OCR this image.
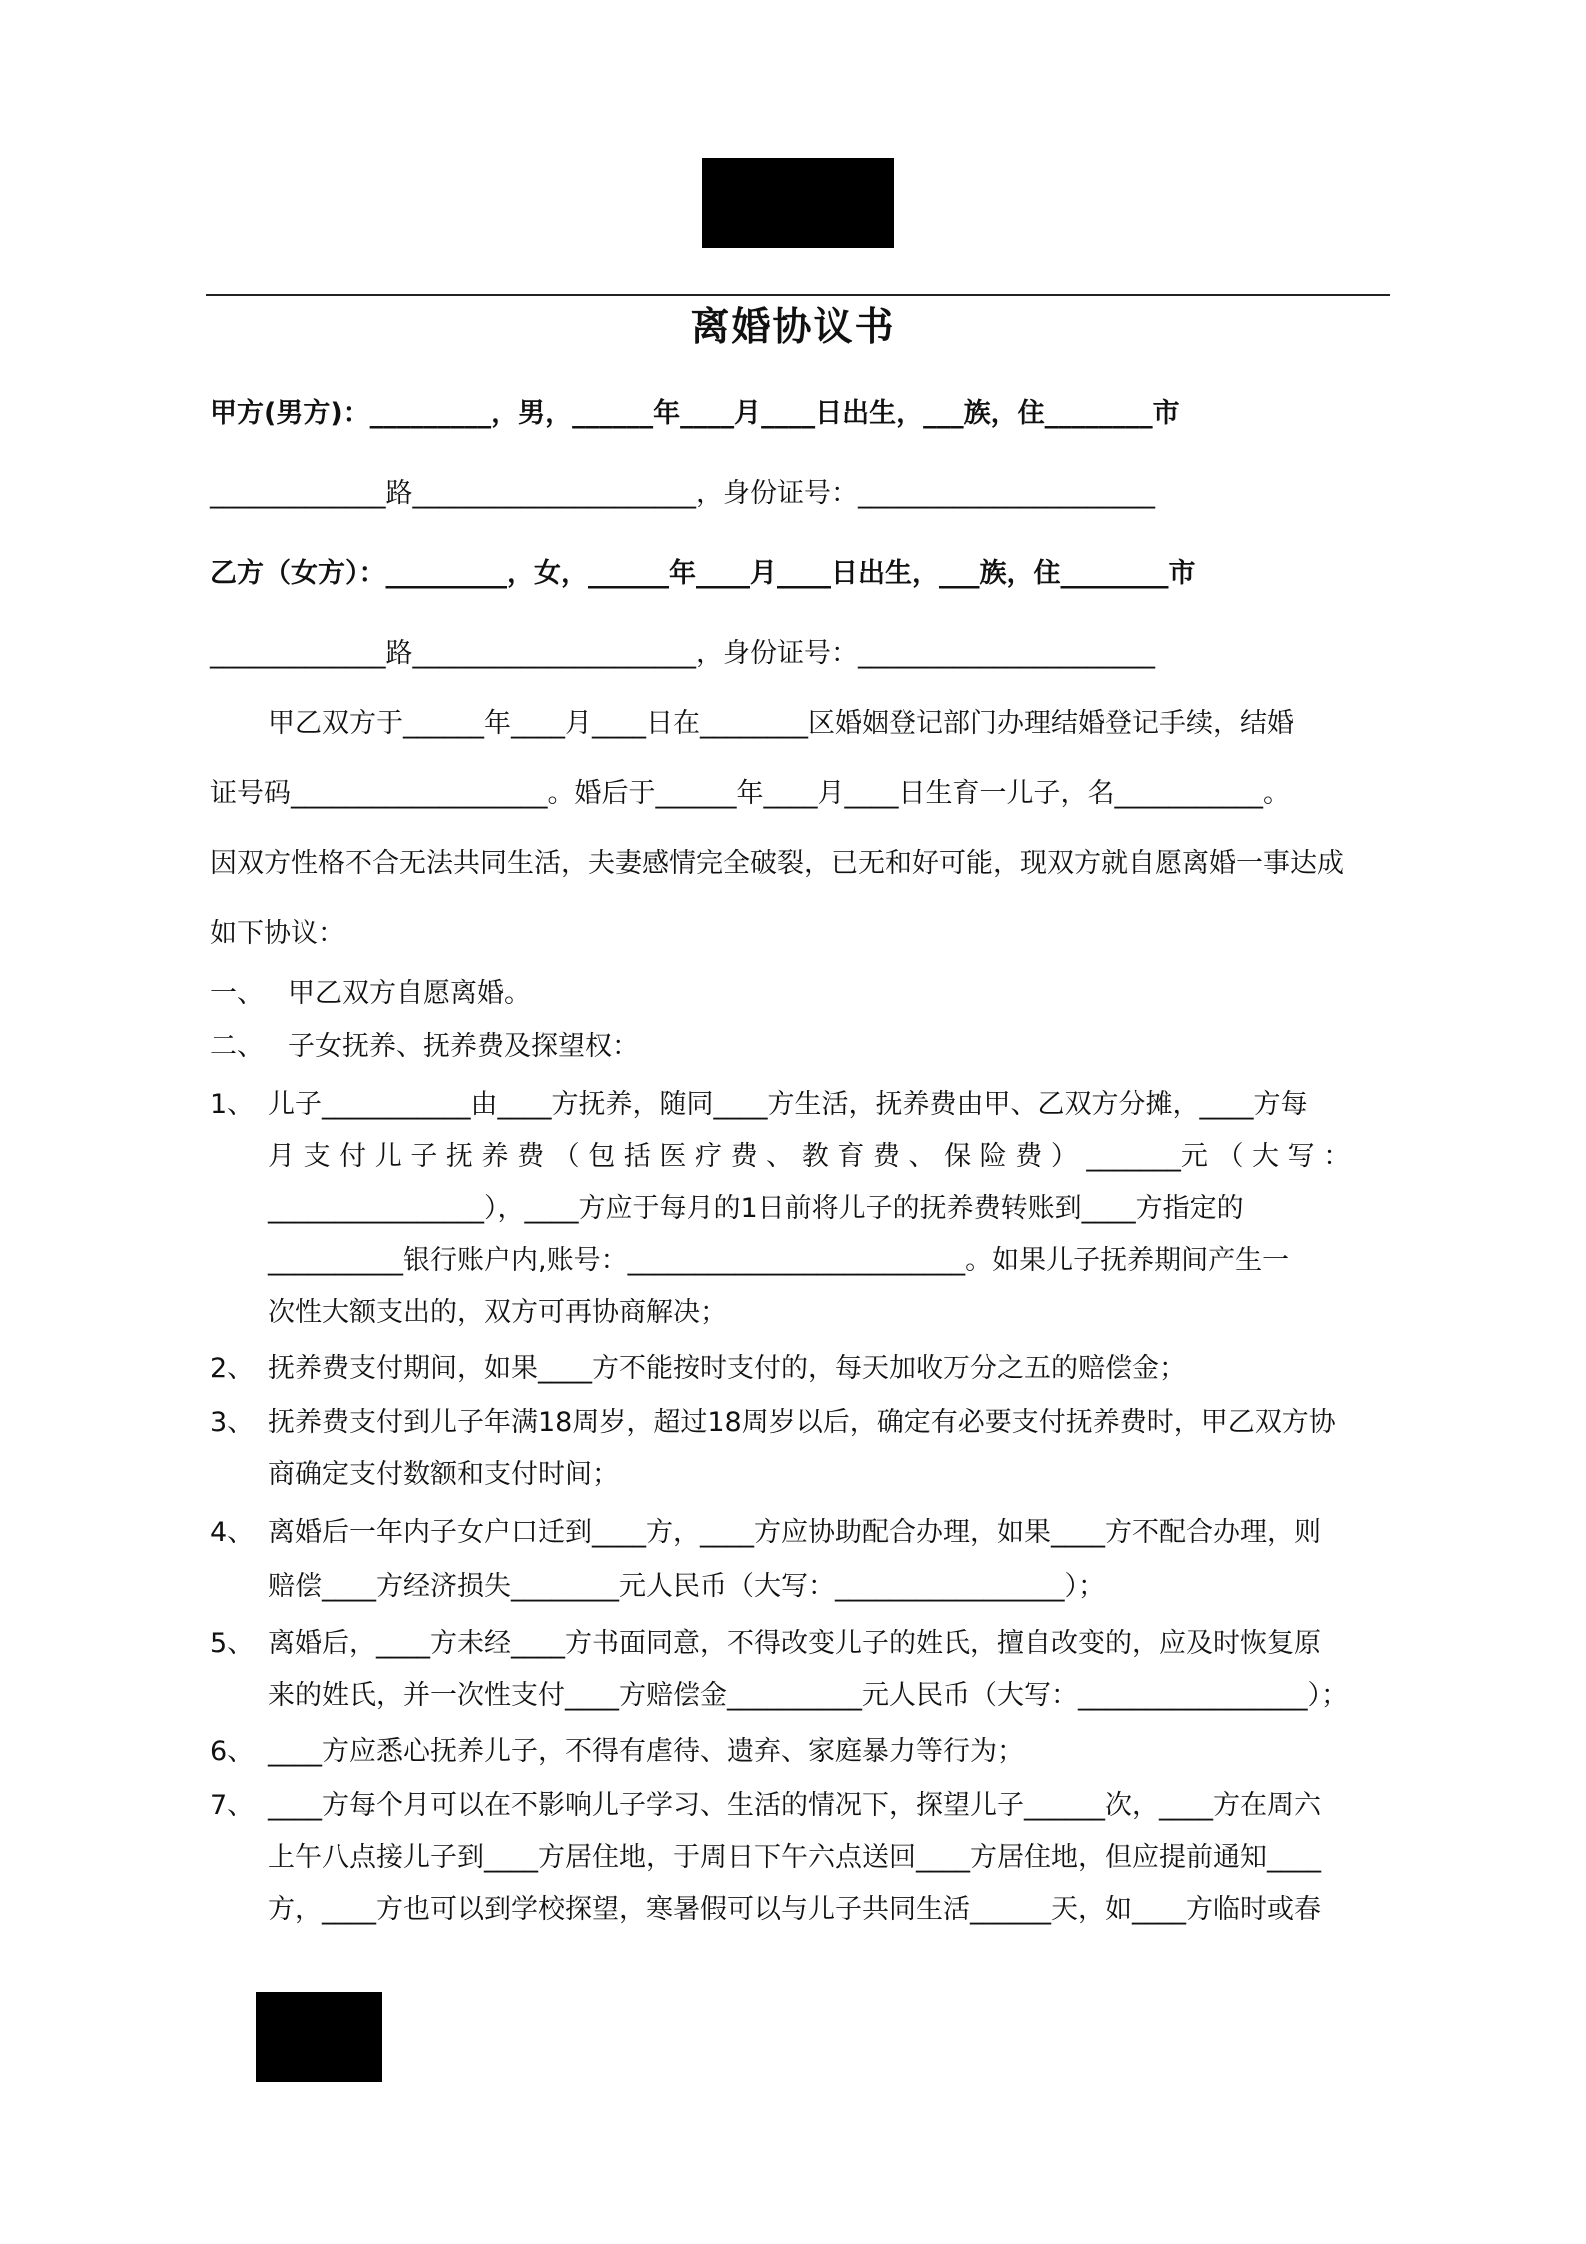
离婚协议书
甲方(男方)：_________，男，______年____月____日出生，___族，住________市
_____________路_____________________，身份证号：______________________
乙方（女方）：_________，女，______年____月____日出生，___族，住________市
_____________路_____________________，身份证号：______________________
甲乙双方于______年____月____日在________区婚姻登记部门办理结婚登记手续，结婚
证号码___________________。婚后于______年____月____日生育一儿子，名___________。
因双方性格不合无法共同生活，夫妻感情完全破裂，已无和好可能，现双方就自愿离婚一事达成
如下协议：
一、 甲乙双方自愿离婚。
二、 子女抚养、抚养费及探望权：
1、 儿子___________由____方抚养，随同____方生活，抚养费由甲、乙双方分摊，____方每
月 支 付 儿 子 抚 养 费 （ 包 括 医 疗 费 、 教 育 费 、 保 险 费 ） _______元 （ 大 写 ：
________________），____方应于每月的1日前将儿子的抚养费转账到____方指定的
__________银行账户内,账号：_________________________。如果儿子抚养期间产生一
次性大额支出的，双方可再协商解决；
2、 抚养费支付期间，如果____方不能按时支付的，每天加收万分之五的赔偿金；
3、 抚养费支付到儿子年满18周岁，超过18周岁以后，确定有必要支付抚养费时，甲乙双方协
商确定支付数额和支付时间；
4、 离婚后一年内子女户口迁到____方，____方应协助配合办理，如果____方不配合办理，则
赔偿____方经济损失________元人民币（大写：_________________）；
5、 离婚后，____方未经____方书面同意，不得改变儿子的姓氏，擅自改变的，应及时恢复原
来的姓氏，并一次性支付____方赔偿金__________元人民币（大写：_________________）；
6、 ____方应悉心抚养儿子，不得有虐待、遗弃、家庭暴力等行为；
7、 ____方每个月可以在不影响儿子学习、生活的情况下，探望儿子______次，____方在周六
上午八点接儿子到____方居住地，于周日下午六点送回____方居住地，但应提前通知____
方，____方也可以到学校探望，寒暑假可以与儿子共同生活______天，如____方临时或春
